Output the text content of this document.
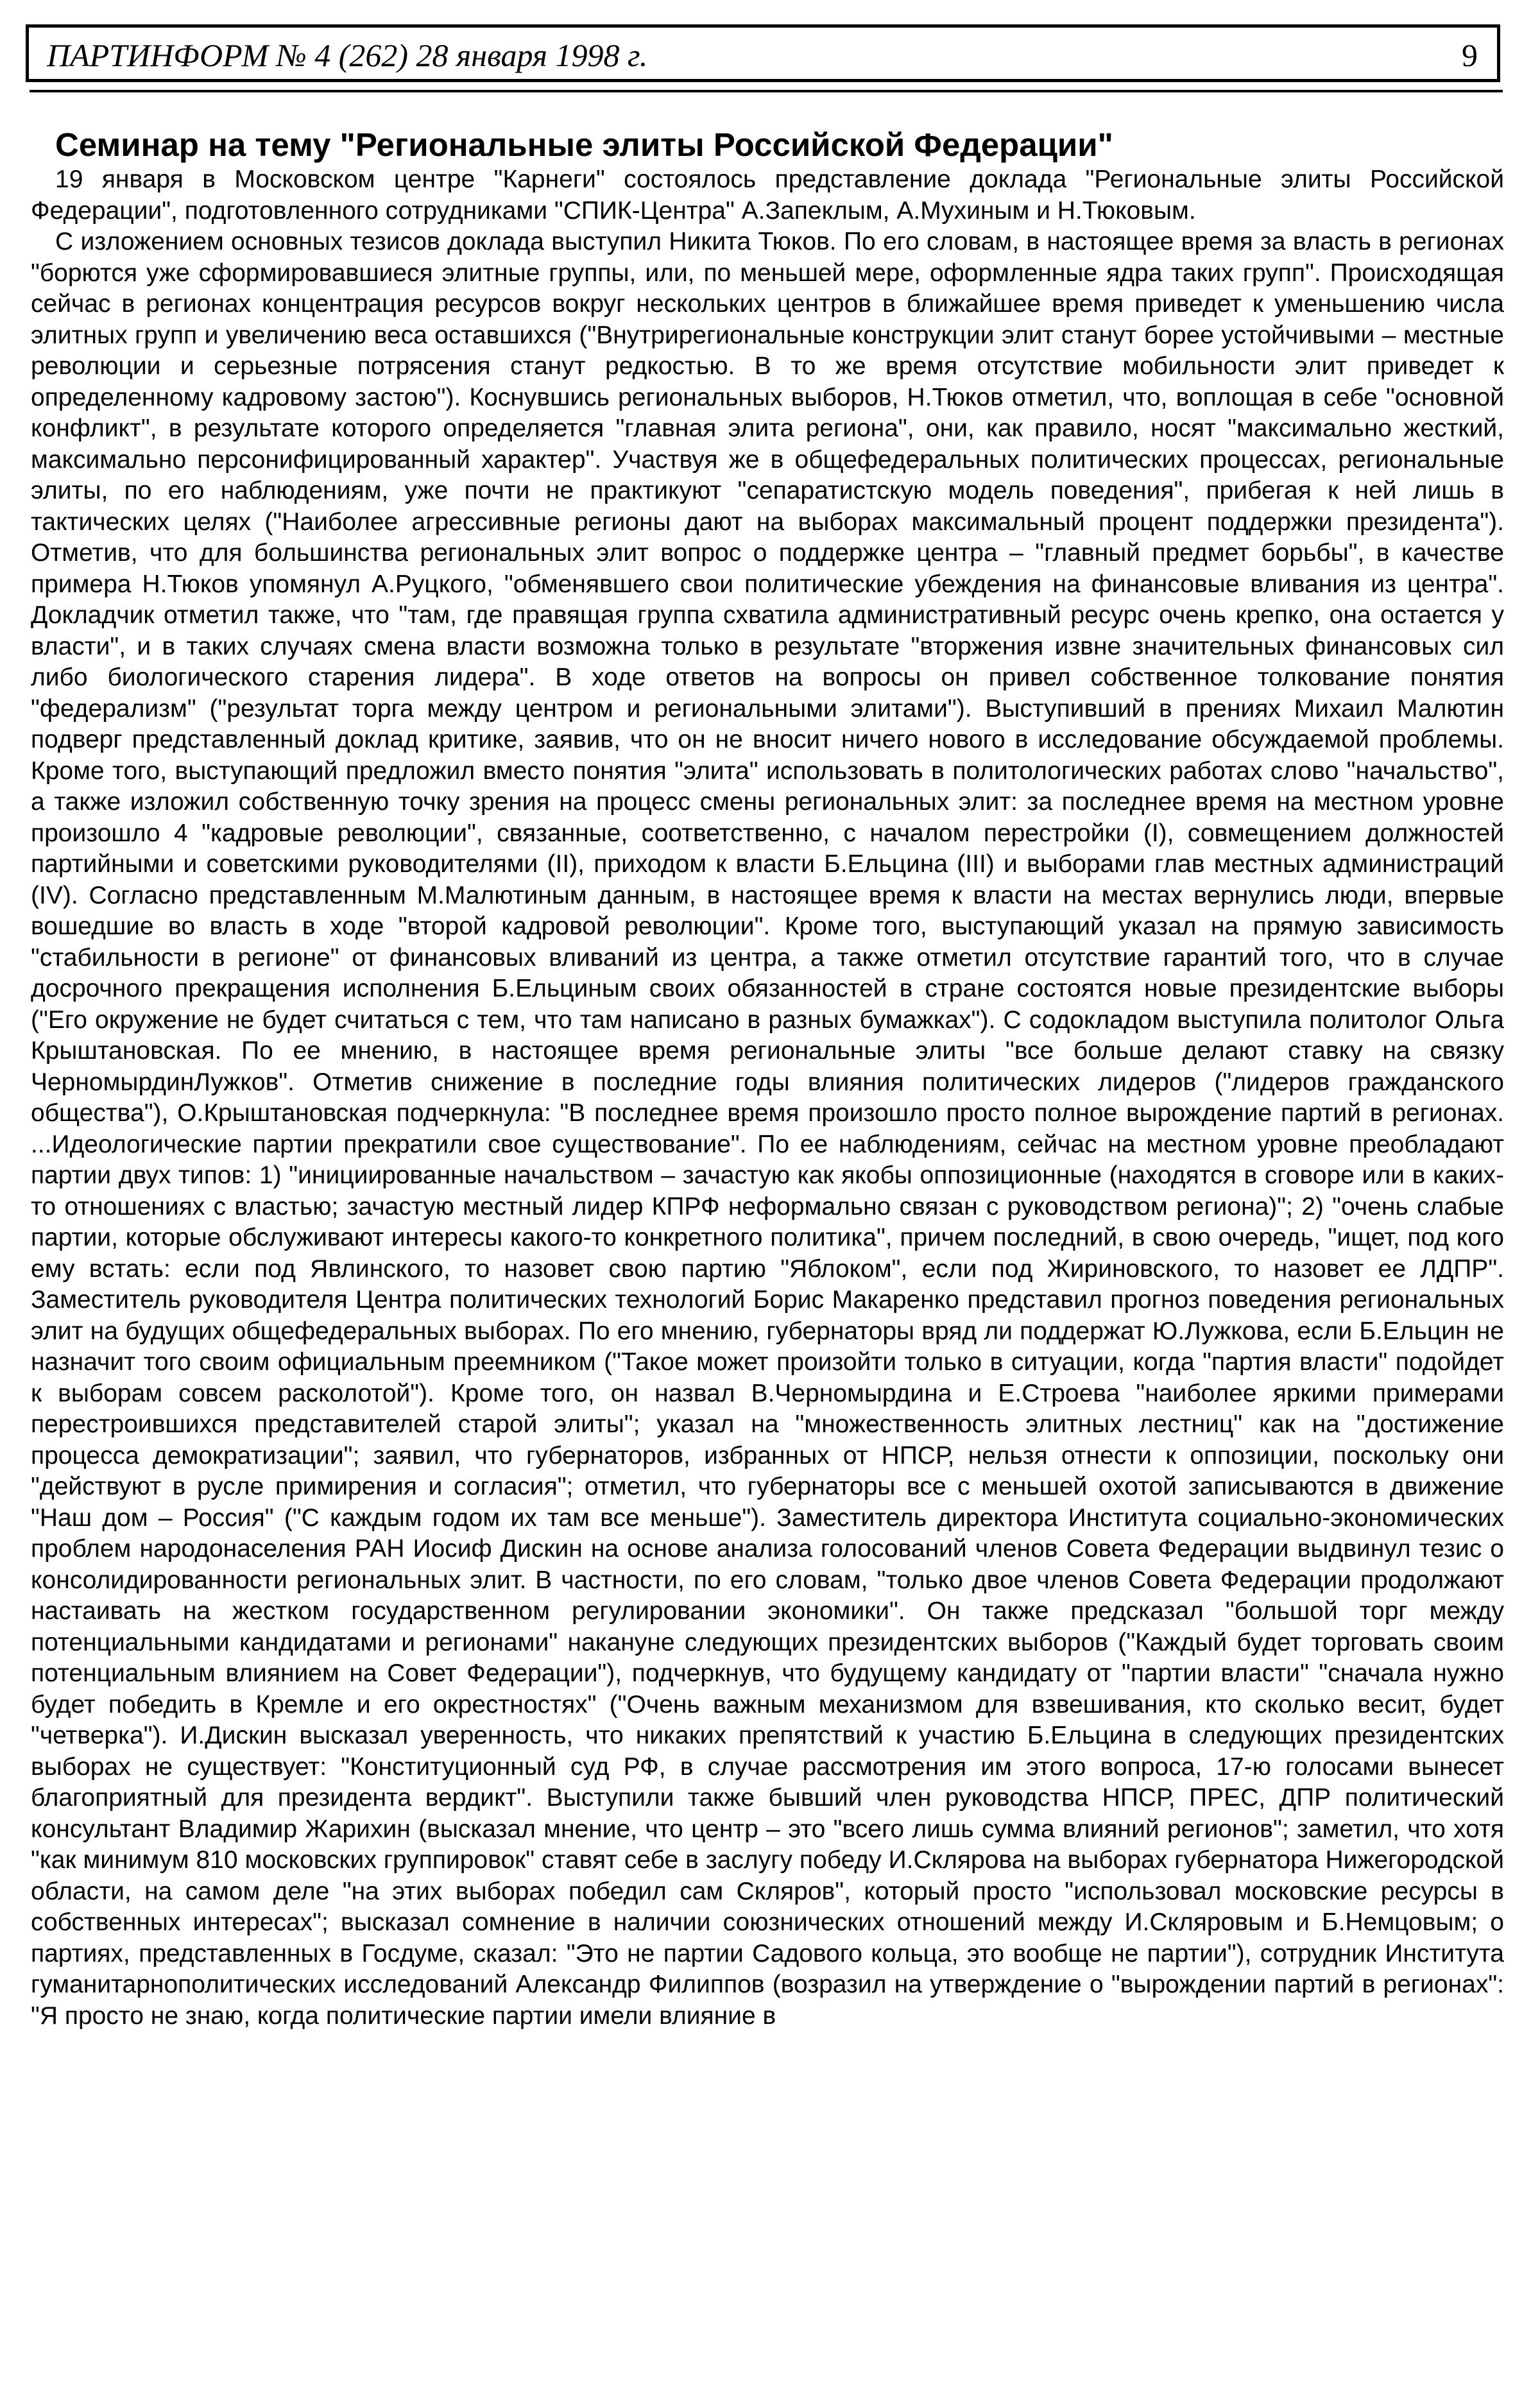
ПАРТИНФОРМ № 4 (262) 28 января 1998 г.	9
Семинар на тему "Региональные элиты Российской Федерации"

19 января в Московском центре "Карнеги" состоялось представление доклада "Региональные элиты Российской Федерации", подготовленного сотрудниками "СПИК-Центра" А.Запеклым, А.Мухиным и Н.Тюковым.

С изложением основных тезисов доклада выступил Никита Тюков. По его словам, в настоящее время за власть в регионах "борются уже сформировавшиеся элитные группы, или, по меньшей мере, оформленные ядра таких групп". Происходящая сейчас в регионах концентрация ресурсов вокруг нескольких центров в ближайшее время приведет к уменьшению числа элитных групп и увеличению веса оставшихся ("Внутрирегиональные конструкции элит станут борее устойчивыми – местные революции и серьезные потрясения станут редкостью. В то же время отсутствие мобильности элит приведет к определенному кадровому застою"). Коснувшись региональных выборов, Н.Тюков отметил, что, воплощая в себе "основной конфликт", в результате которого определяется "главная элита региона", они, как правило, носят "максимально жесткий, максимально персонифицированный характер". Участвуя же в общефедеральных политических процессах, региональные элиты, по его наблюдениям, уже почти не практикуют "сепаратистскую модель поведения", прибегая к ней лишь в тактических целях ("Наиболее агрессивные регионы дают на выборах максимальный процент поддержки президента"). Отметив, что для большинства региональных элит вопрос о поддержке центра – "главный предмет борьбы", в качестве примера Н.Тюков упомянул А.Руцкого, "обменявшего свои политические убеждения на финансовые вливания из центра". Докладчик отметил также, что "там, где правящая группа схватила административный ресурс очень крепко, она остается у власти", и в таких случаях смена власти возможна только в результате "вторжения извне значительных финансовых сил либо биологического старения лидера". В ходе ответов на вопросы он привел собственное толкование понятия "федерализм" ("результат торга между центром и региональными элитами"). Выступивший в прениях Михаил Малютин подверг представленный доклад критике, заявив, что он не вносит ничего нового в исследование обсуждаемой проблемы. Кроме того, выступающий предложил вместо понятия "элита" использовать в политологических работах слово "начальство", а также изложил собственную точку зрения на процесс смены региональных элит: за последнее время на местном уровне произошло 4 "кадровые революции", связанные, соответственно, с началом перестройки (I), совмещением должностей партийными и советскими руководителями (II), приходом к власти Б.Ельцина (III) и выборами глав местных администраций (IV). Согласно представленным М.Малютиным данным, в настоящее время к власти на местах вернулись люди, впервые вошедшие во власть в ходе "второй кадровой революции". Кроме того, выступающий указал на прямую зависимость "стабильности в регионе" от финансовых вливаний из центра, а также отметил отсутствие гарантий того, что в случае досрочного прекращения исполнения Б.Ельциным своих обязанностей в стране состоятся новые президентские выборы ("Его окружение не будет считаться с тем, что там написано в разных бумажках"). С содокладом выступила политолог Ольга Крыштановская. По ее мнению, в настоящее время региональные элиты "все больше делают ставку на связку ЧерномырдинЛужков". Отметив снижение в последние годы влияния политических лидеров ("лидеров гражданского общества"), О.Крыштановская подчеркнула: "В последнее время произошло просто полное вырождение партий в регионах. ...Идеологические партии прекратили свое существование". По ее наблюдениям, сейчас на местном уровне преобладают партии двух типов: 1) "инициированные начальством – зачастую как якобы оппозиционные (находятся в сговоре или в каких-то отношениях с властью; зачастую местный лидер КПРФ неформально связан с руководством региона)"; 2) "очень слабые партии, которые обслуживают интересы какого-то конкретного политика", причем последний, в свою очередь, "ищет, под кого ему встать: если под Явлинского, то назовет свою партию "Яблоком", если под Жириновского, то назовет ее ЛДПР". Заместитель руководителя Центра политических технологий Борис Макаренко представил прогноз поведения региональных элит на будущих общефедеральных выборах. По его мнению, губернаторы вряд ли поддержат Ю.Лужкова, если Б.Ельцин не назначит того своим официальным преемником ("Такое может произойти только в ситуации, когда "партия власти" подойдет к выборам совсем расколотой"). Кроме того, он назвал В.Черномырдина и Е.Строева "наиболее яркими примерами перестроившихся представителей старой элиты"; указал на "множественность элитных лестниц" как на "достижение процесса демократизации"; заявил, что губернаторов, избранных от НПСР, нельзя отнести к оппозиции, поскольку они "действуют в русле примирения и согласия"; отметил, что губернаторы все с меньшей охотой записываются в движение "Наш дом – Россия" ("С каждым годом их там все меньше"). Заместитель директора Института социально-экономических проблем народонаселения РАН Иосиф Дискин на основе анализа голосований членов Совета Федерации выдвинул тезис о консолидированности региональных элит. В частности, по его словам, "только двое членов Совета Федерации продолжают настаивать на жестком государственном регулировании экономики". Он также предсказал "большой торг между потенциальными кандидатами и регионами" накануне следующих президентских выборов ("Каждый будет торговать своим потенциальным влиянием на Совет Федерации"), подчеркнув, что будущему кандидату от "партии власти" "сначала нужно будет победить в Кремле и его окрестностях" ("Очень важным механизмом для взвешивания, кто сколько весит, будет "четверка"). И.Дискин высказал уверенность, что никаких препятствий к участию Б.Ельцина в следующих президентских выборах не существует: "Конституционный суд РФ, в случае рассмотрения им этого вопроса, 17-ю голосами вынесет благоприятный для президента вердикт". Выступили также бывший член руководства НПСР, ПРЕС, ДПР политический консультант Владимир Жарихин (высказал мнение, что центр – это "всего лишь сумма влияний регионов"; заметил, что хотя "как минимум 810 московских группировок" ставят себе в заслугу победу И.Склярова на выборах губернатора Нижегородской области, на самом деле "на этих выборах победил сам Скляров", который просто "использовал московские ресурсы в собственных интересах"; высказал сомнение в наличии союзнических отношений между И.Скляровым и Б.Немцовым; о партиях, представленных в Госдуме, сказал: "Это не партии Садового кольца, это вообще не партии"), сотрудник Института гуманитарнополитических исследований Александр Филиппов (возразил на утверждение о "вырождении партий в регионах": "Я просто не знаю, когда политические партии имели влияние в
